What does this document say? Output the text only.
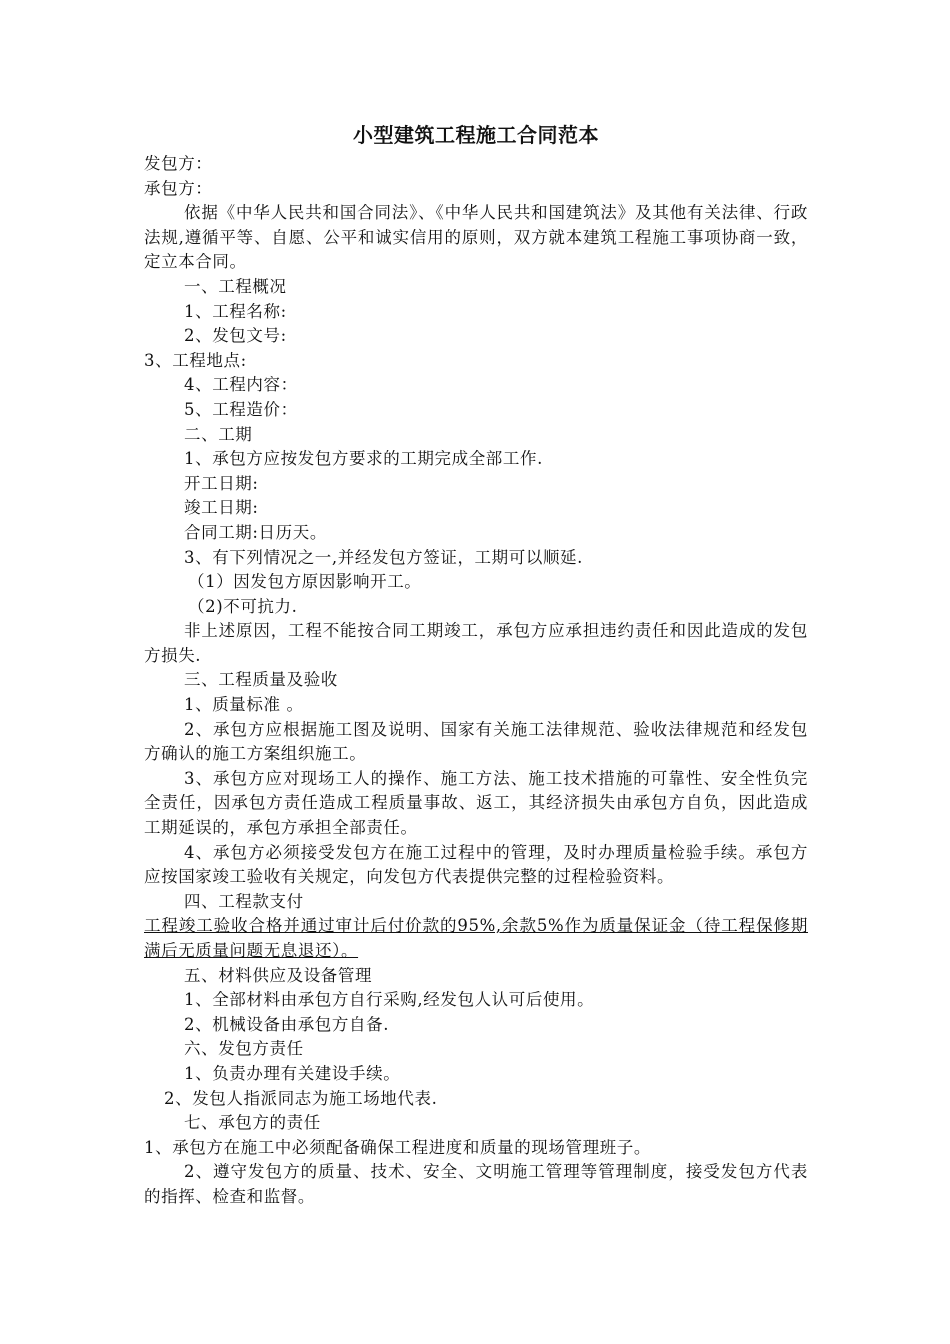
小型建筑工程施工合同范本

发包方：

承包方：

依据《中华人民共和国合同法》、《中华人民共和国建筑法》及其他有关法律、行政法规,遵循平等、自愿、公平和诚实信用的原则，双方就本建筑工程施工事项协商一致，定立本合同。

一、工程概况

1、工程名称:

2、发包文号:

3、工程地点:

4、工程内容：

5、工程造价：

二、工期

1、承包方应按发包方要求的工期完成全部工作.

开工日期:

竣工日期:

合同工期:日历天。

3、有下列情况之一,并经发包方签证，工期可以顺延.

（1）因发包方原因影响开工。

（2)不可抗力.

非上述原因，工程不能按合同工期竣工，承包方应承担违约责任和因此造成的发包方损失.

三、工程质量及验收

1、质量标准 。

2、承包方应根据施工图及说明、国家有关施工法律规范、验收法律规范和经发包方确认的施工方案组织施工。

3、承包方应对现场工人的操作、施工方法、施工技术措施的可靠性、安全性负完全责任，因承包方责任造成工程质量事故、返工，其经济损失由承包方自负，因此造成工期延误的，承包方承担全部责任。

4、承包方必须接受发包方在施工过程中的管理，及时办理质量检验手续。承包方应按国家竣工验收有关规定，向发包方代表提供完整的过程检验资料。

四、工程款支付

工程竣工验收合格并通过审计后付价款的95%,余款5%作为质量保证金（待工程保修期满后无质量问题无息退还）。

五、材料供应及设备管理

1、全部材料由承包方自行采购,经发包人认可后使用。

2、机械设备由承包方自备.

六、发包方责任

1、负责办理有关建设手续。

2、发包人指派同志为施工场地代表.

七、承包方的责任

1、承包方在施工中必须配备确保工程进度和质量的现场管理班子。

2、遵守发包方的质量、技术、安全、文明施工管理等管理制度，接受发包方代表的指挥、检查和监督。
